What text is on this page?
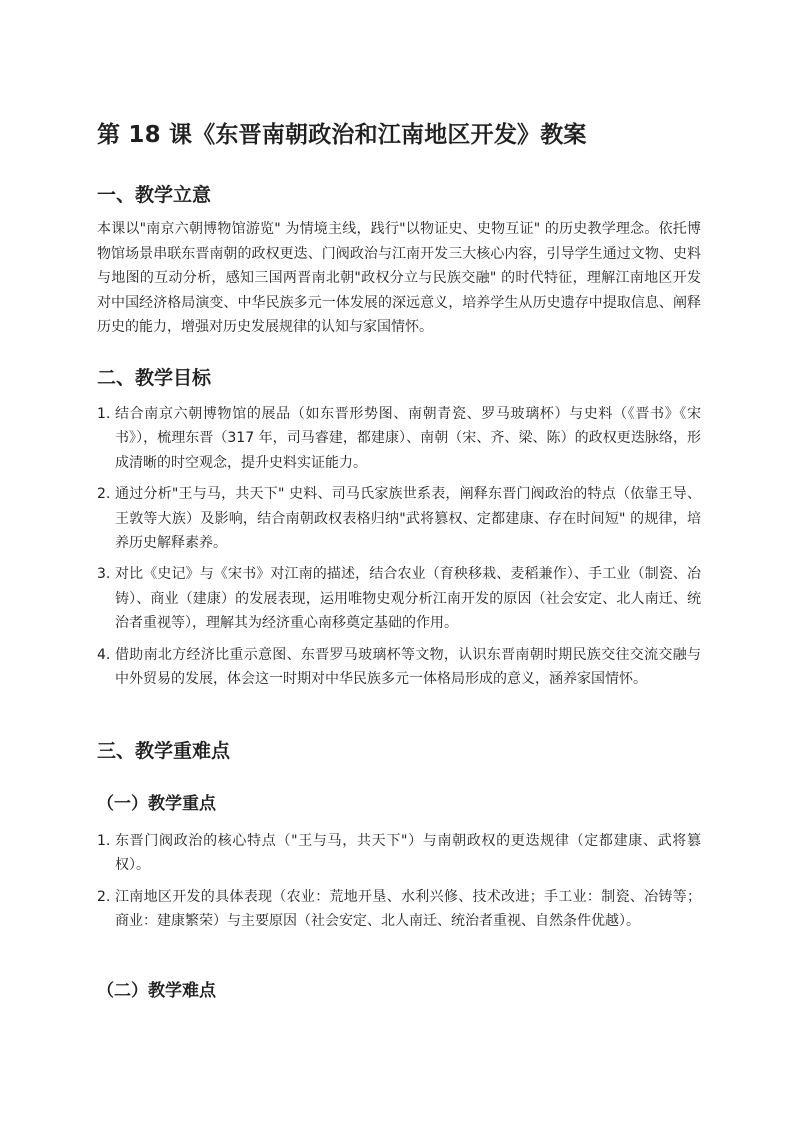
第 18 课《东晋南朝政治和江南地区开发》教案
一、教学立意

本课以"南京六朝博物馆游览" 为情境主线，践行"以物证史、史物互证" 的历史教学理念。依托博物馆场景串联东晋南朝的政权更迭、门阀政治与江南开发三大核心内容，引导学生通过文物、史料与地图的互动分析，感知三国两晋南北朝"政权分立与民族交融" 的时代特征，理解江南地区开发对中国经济格局演变、中华民族多元一体发展的深远意义，培养学生从历史遗存中提取信息、阐释历史的能力，增强对历史发展规律的认知与家国情怀。

二、教学目标
1. 结合南京六朝博物馆的展品（如东晋形势图、南朝青瓷、罗马玻璃杯）与史料（《晋书》《宋书》），梳理东晋（317 年，司马睿建，都建康）、南朝（宋、齐、梁、陈）的政权更迭脉络，形成清晰的时空观念，提升史料实证能力。
2. 通过分析"王与马，共天下" 史料、司马氏家族世系表，阐释东晋门阀政治的特点（依靠王导、王敦等大族）及影响，结合南朝政权表格归纳"武将篡权、定都建康、存在时间短" 的规律，培养历史解释素养。
3. 对比《史记》与《宋书》对江南的描述，结合农业（育秧移栽、麦稻兼作）、手工业（制瓷、冶铸）、商业（建康）的发展表现，运用唯物史观分析江南开发的原因（社会安定、北人南迁、统治者重视等），理解其为经济重心南移奠定基础的作用。
4. 借助南北方经济比重示意图、东晋罗马玻璃杯等文物，认识东晋南朝时期民族交往交流交融与中外贸易的发展，体会这一时期对中华民族多元一体格局形成的意义，涵养家国情怀。
三、教学重难点
（一）教学重点
1. 东晋门阀政治的核心特点（"王与马，共天下"）与南朝政权的更迭规律（定都建康、武将篡权）。
2. 江南地区开发的具体表现（农业：荒地开垦、水利兴修、技术改进；手工业：制瓷、冶铸等；商业：建康繁荣）与主要原因（社会安定、北人南迁、统治者重视、自然条件优越）。
（二）教学难点
